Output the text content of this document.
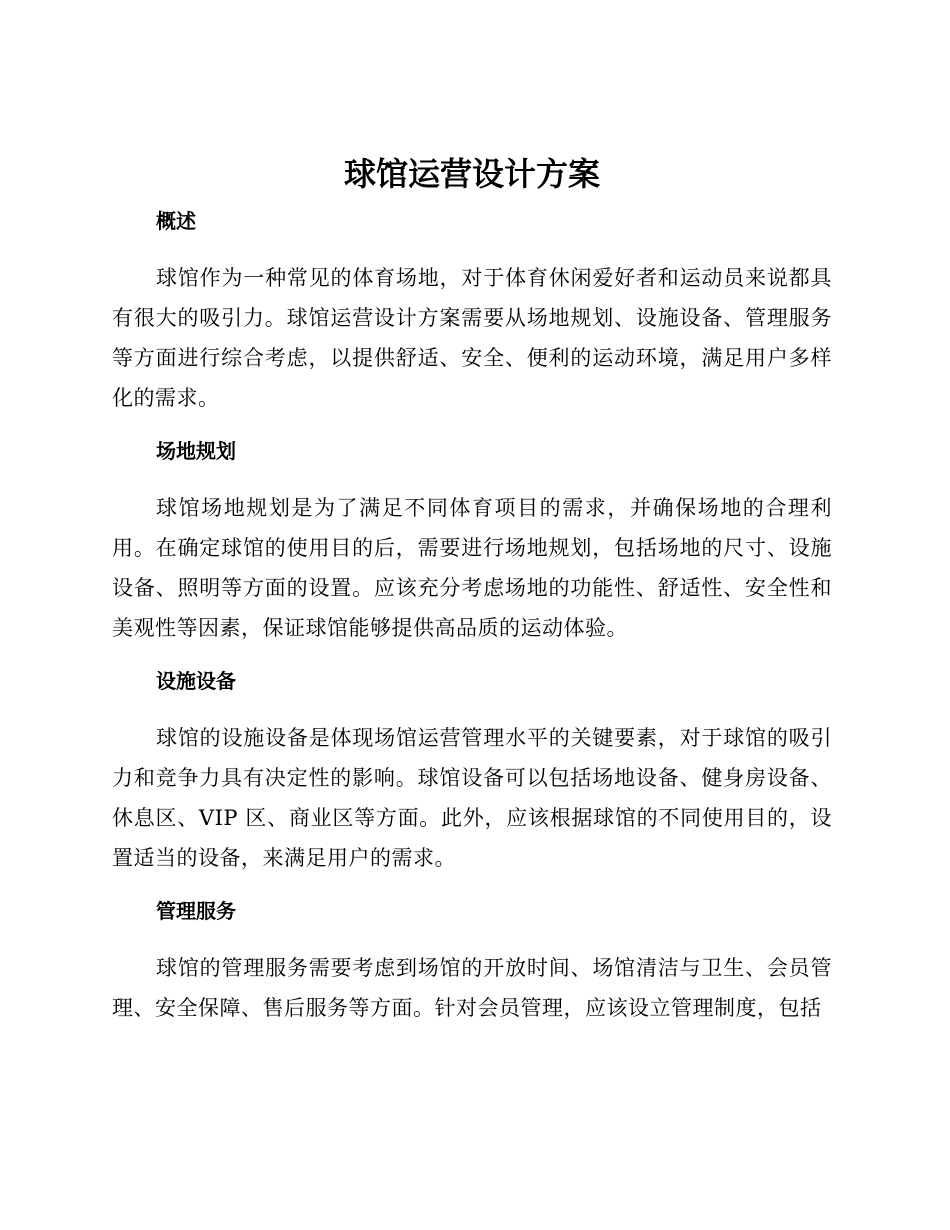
球馆运营设计方案
概述

球馆作为一种常见的体育场地，对于体育休闲爱好者和运动员来说都具有很大的吸引力。球馆运营设计方案需要从场地规划、设施设备、管理服务等方面进行综合考虑，以提供舒适、安全、便利的运动环境，满足用户多样化的需求。

场地规划

球馆场地规划是为了满足不同体育项目的需求，并确保场地的合理利用。在确定球馆的使用目的后，需要进行场地规划，包括场地的尺寸、设施设备、照明等方面的设置。应该充分考虑场地的功能性、舒适性、安全性和美观性等因素，保证球馆能够提供高品质的运动体验。

设施设备

球馆的设施设备是体现场馆运营管理水平的关键要素，对于球馆的吸引力和竞争力具有决定性的影响。球馆设备可以包括场地设备、健身房设备、休息区、VIP 区、商业区等方面。此外，应该根据球馆的不同使用目的，设置适当的设备，来满足用户的需求。

管理服务

球馆的管理服务需要考虑到场馆的开放时间、场馆清洁与卫生、会员管理、安全保障、售后服务等方面。针对会员管理，应该设立管理制度，包括
